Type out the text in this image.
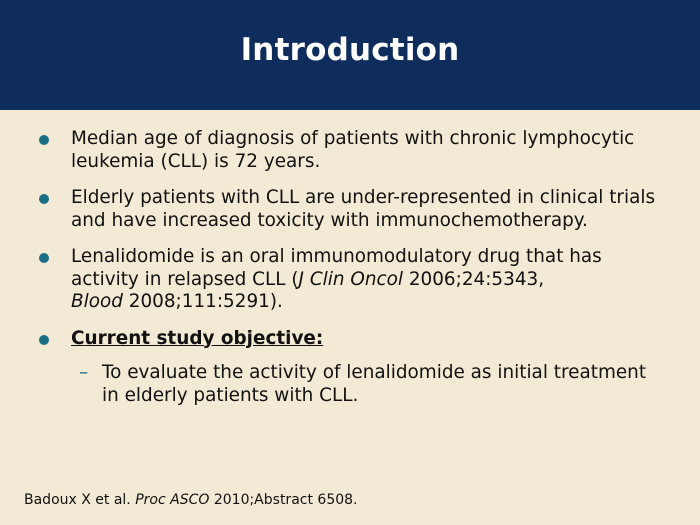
Introduction
Median age of diagnosis of patients with chronic lymphocytic leukemia (CLL) is 72 years.
Elderly patients with CLL are under-represented in clinical trials and have increased toxicity with immunochemotherapy.
Lenalidomide is an oral immunomodulatory drug that has activity in relapsed CLL (J Clin Oncol 2006;24:5343,
Blood 2008;111:5291).
Current study objective:
– To evaluate the activity of lenalidomide as initial treatment in elderly patients with CLL.
Badoux X et al. Proc ASCO 2010;Abstract 6508.
